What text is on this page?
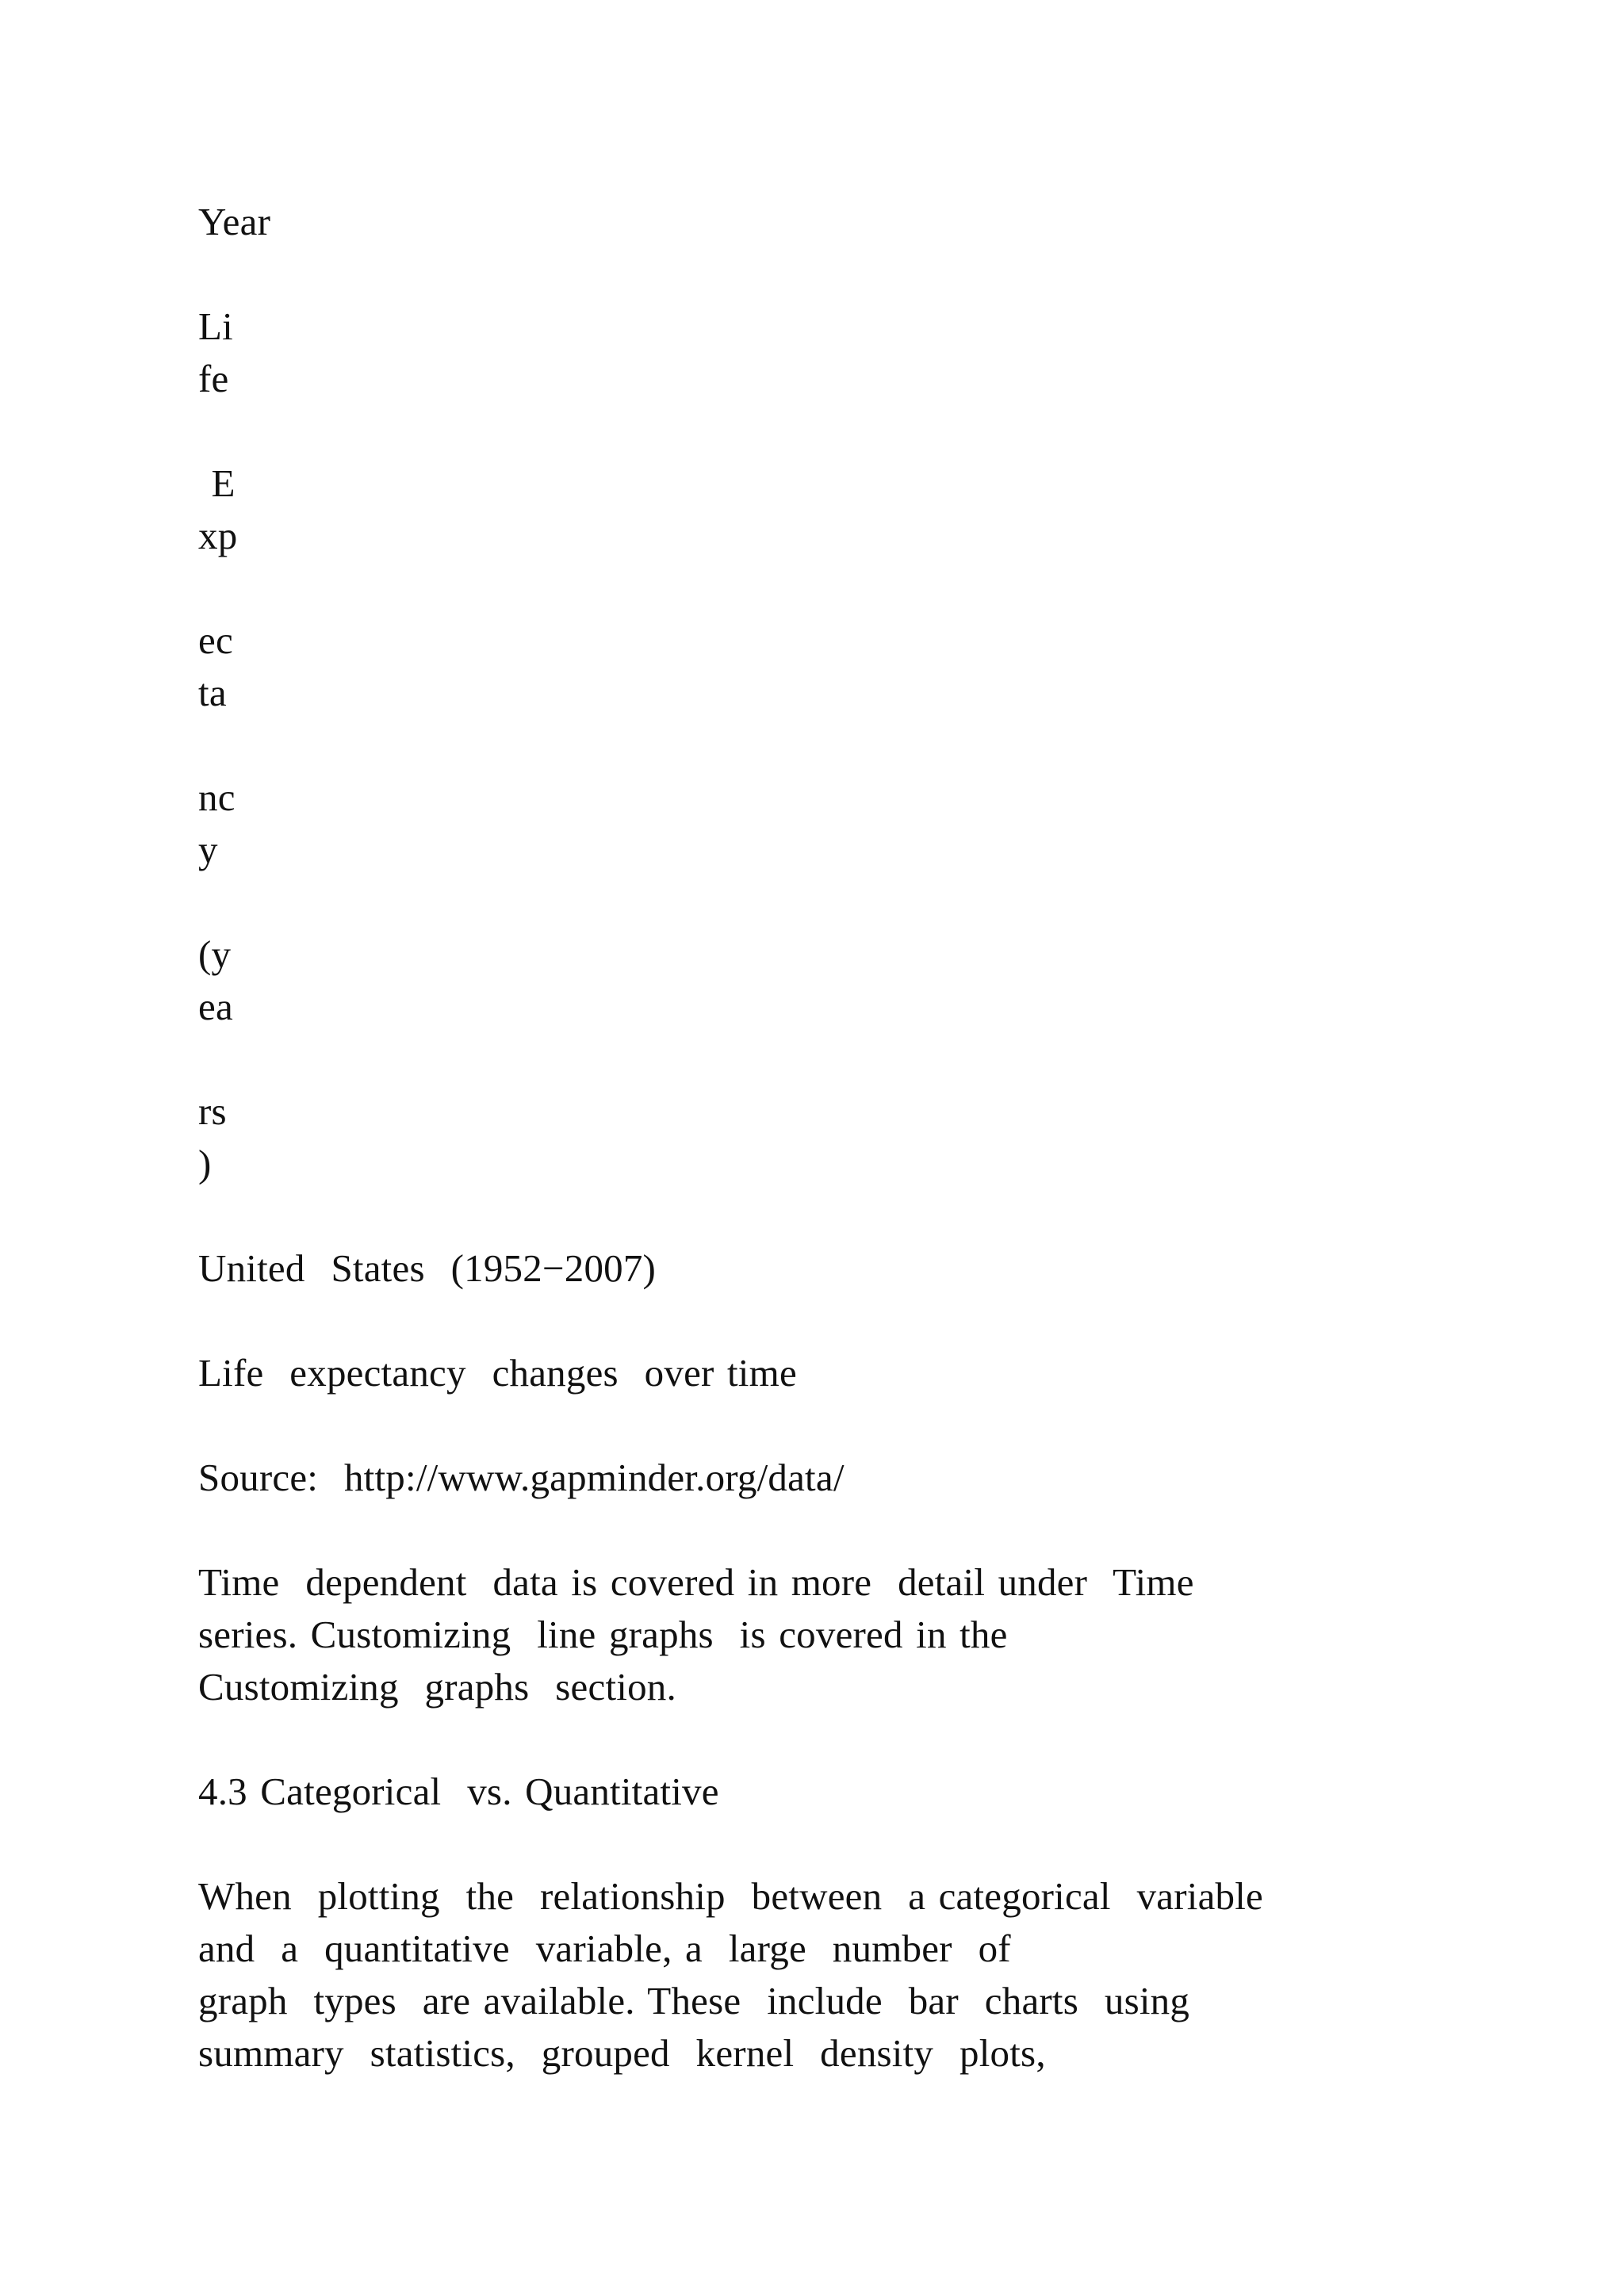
Year
Li
fe
E
xp
ec
ta
nc
y
(y
ea
rs
)
United  States  (1952−2007)
Life  expectancy  changes  over time
Source:  http://www.gapminder.org/data/
Time  dependent  data is covered in more  detail under  Time
series. Customizing  line graphs  is covered in the
Customizing  graphs  section.
4.3 Categorical  vs. Quantitative
When  plotting  the  relationship  between  a categorical  variable
and  a  quantitative  variable, a  large  number  of
graph  types  are available. These  include  bar  charts  using
summary  statistics,  grouped  kernel  density  plots,
